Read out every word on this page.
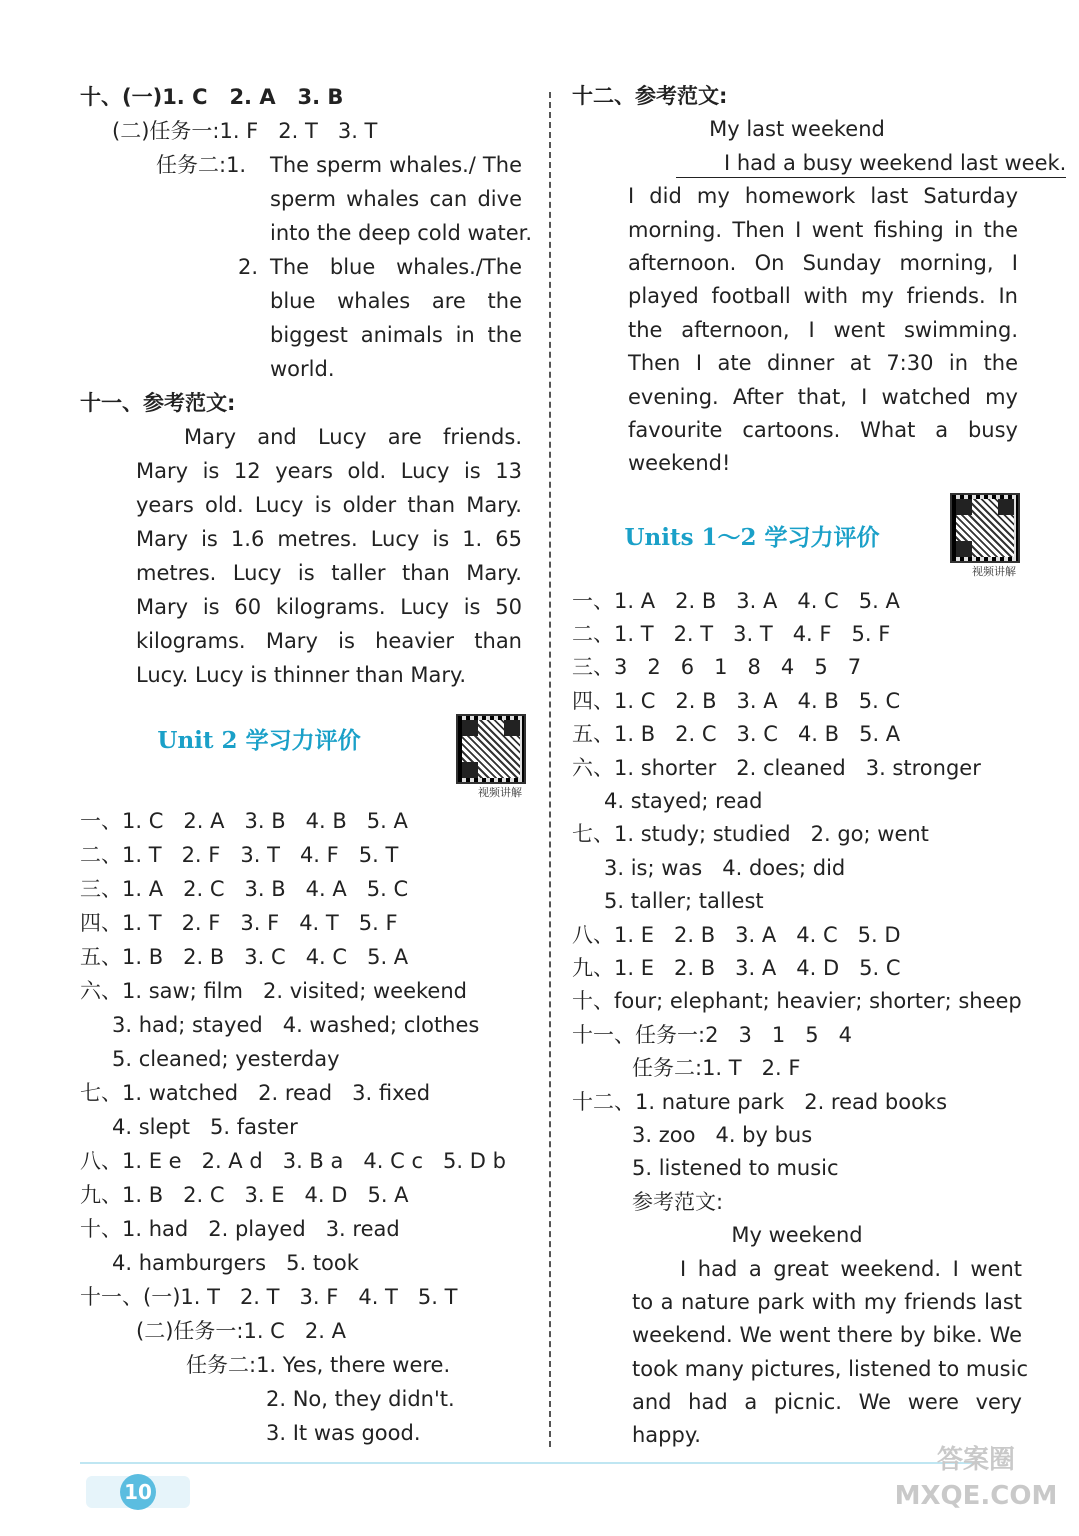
十、(一)1. C   2. A   3. B
(二)任务一:1. F   2. T   3. T
任务二:1.	The sperm whales./ The
sperm whales can dive
into the deep cold water.
2. The blue whales./The
blue whales are the
biggest animals in the
world.
十一、参考范文:
Mary and Lucy are friends.
Mary is 12 years old. Lucy is 13
years old. Lucy is older than Mary.
Mary is 1.6 metres. Lucy is 1. 65
metres. Lucy is taller than Mary.
Mary is 60 kilograms. Lucy is 50
kilograms. Mary is heavier than
Lucy. Lucy is thinner than Mary.
Unit 2 学习力评价
视频讲解
一、1. C   2. A   3. B   4. B   5. A
二、1. T   2. F   3. T   4. F   5. T
三、1. A   2. C   3. B   4. A   5. C
四、1. T   2. F   3. F   4. T   5. F
五、1. B   2. B   3. C   4. C   5. A
六、1. saw; film   2. visited; weekend
3. had; stayed   4. washed; clothes
5. cleaned; yesterday
七、1. watched   2. read   3. fixed
4. slept   5. faster
八、1. E e   2. A d   3. B a   4. C c   5. D b
九、1. B   2. C   3. E   4. D   5. A
十、1. had   2. played   3. read
4. hamburgers   5. took
十一、(一)1. T   2. T   3. F   4. T   5. T
(二)任务一:1. C   2. A
任务二:1. Yes, there were.
2. No, they didn't.
3. It was good.
十二、参考范文:
My last weekend
I had a busy weekend last week.
I did my homework last Saturday
morning. Then I went fishing in the
afternoon. On Sunday morning, I
played football with my friends. In
the afternoon, I went swimming.
Then I ate dinner at 7:30 in the
evening. After that, I watched my
favourite cartoons. What a busy
weekend!
Units 1～2 学习力评价
视频讲解
一、1. A   2. B   3. A   4. C   5. A
二、1. T   2. T   3. T   4. F   5. F
三、3   2   6   1   8   4   5   7
四、1. C   2. B   3. A   4. B   5. C
五、1. B   2. C   3. C   4. B   5. A
六、1. shorter   2. cleaned   3. stronger
4. stayed; read
七、1. study; studied   2. go; went
3. is; was   4. does; did
5. taller; tallest
八、1. E   2. B   3. A   4. C   5. D
九、1. E   2. B   3. A   4. D   5. C
十、four; elephant; heavier; shorter; sheep
十一、任务一:2   3   1   5   4
任务二:1. T   2. F
十二、1. nature park   2. read books
3. zoo   4. by bus
5. listened to music
参考范文:
My weekend
I had a great weekend. I went
to a nature park with my friends last
weekend. We went there by bike. We
took many pictures, listened to music
and had a picnic. We were very
happy.
10
答案圈
MXQE.COM
